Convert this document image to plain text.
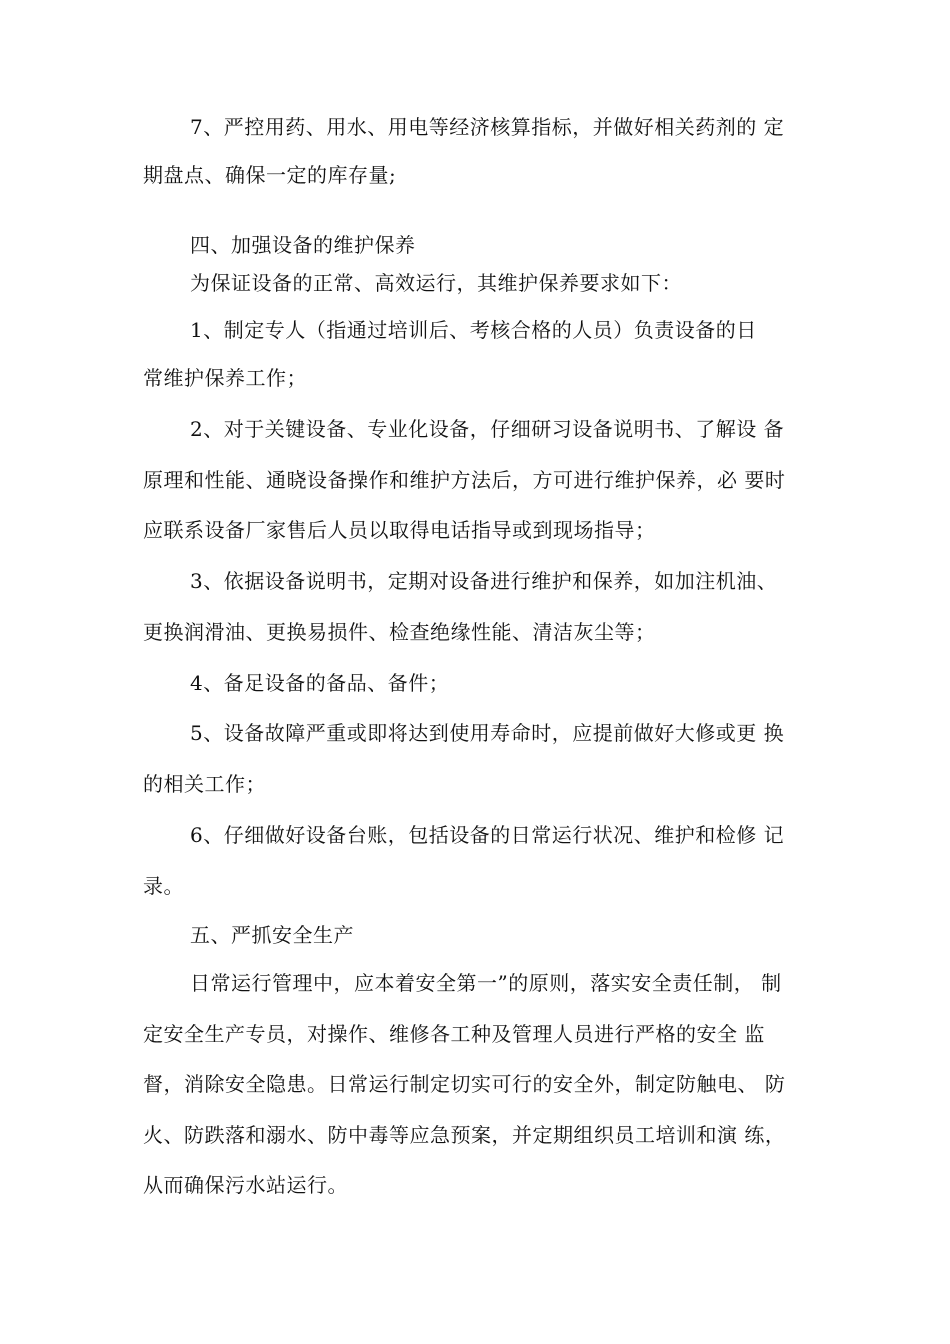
7、严控用药、用水、用电等经济核算指标，并做好相关药剂的 定
期盘点、确保一定的库存量;
四、加强设备的维护保养
为保证设备的正常、高效运行，其维护保养要求如下：
1、制定专人（指通过培训后、考核合格的人员）负责设备的日
常维护保养工作；
2、对于关键设备、专业化设备，仔细研习设备说明书、了解设 备
原理和性能、通晓设备操作和维护方法后，方可进行维护保养，必 要时
应联系设备厂家售后人员以取得电话指导或到现场指导；
3、依据设备说明书，定期对设备进行维护和保养，如加注机油、
更换润滑油、更换易损件、检查绝缘性能、清洁灰尘等；
4、备足设备的备品、备件；
5、设备故障严重或即将达到使用寿命时，应提前做好大修或更 换
的相关工作；
6、仔细做好设备台账，包括设备的日常运行状况、维护和检修 记
录。
五、严抓安全生产
日常运行管理中，应本着安全第一”的原则，落实安全责任制， 制
定安全生产专员，对操作、维修各工种及管理人员进行严格的安全 监
督，消除安全隐患。日常运行制定切实可行的安全外，制定防触电、 防
火、防跌落和溺水、防中毒等应急预案，并定期组织员工培训和演 练，
从而确保污水站运行。
